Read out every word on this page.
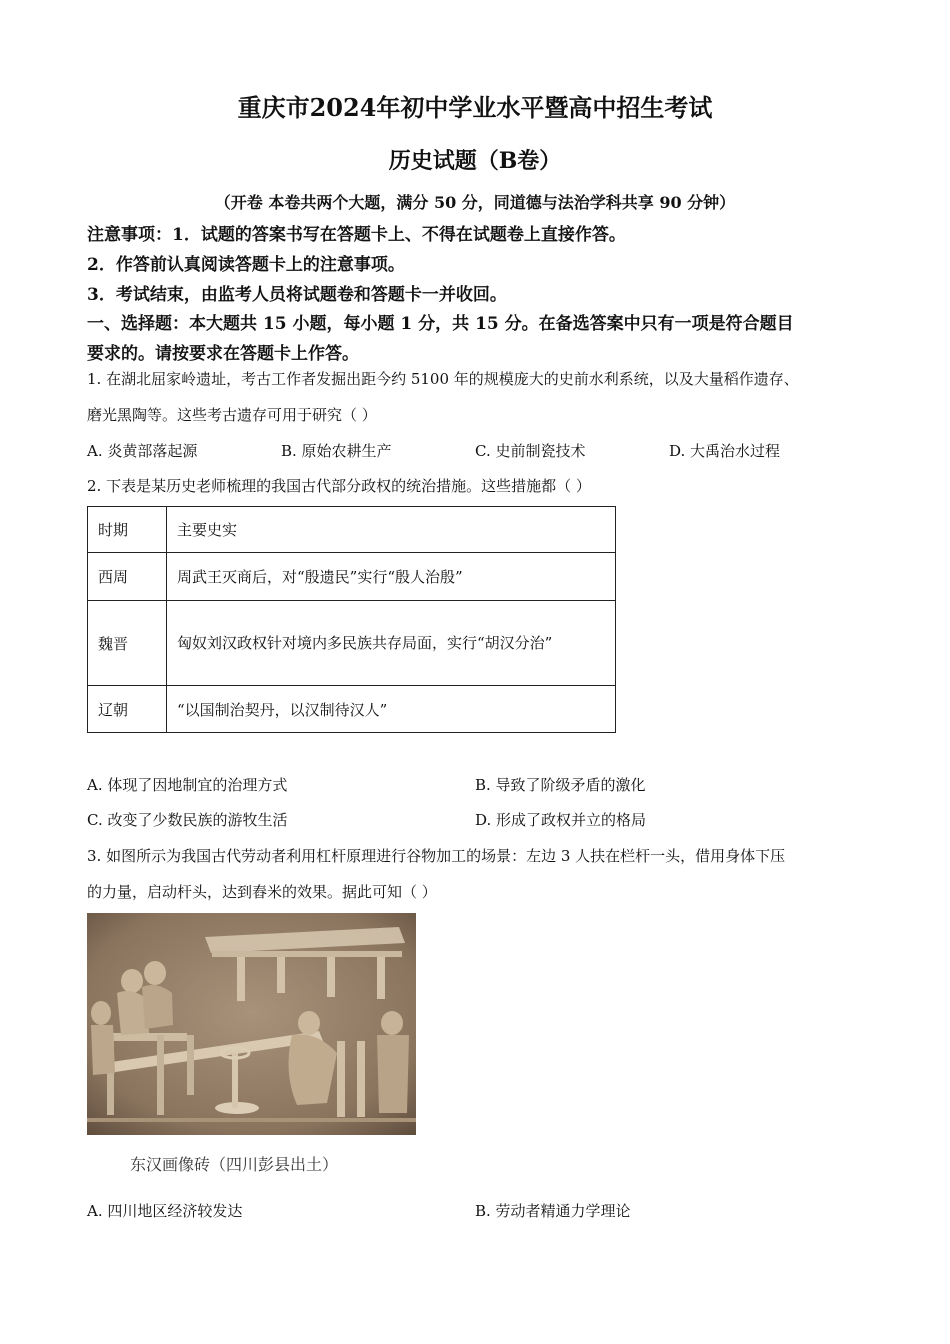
重庆市2024年初中学业水平暨高中招生考试
历史试题（B卷）
（开卷 本卷共两个大题，满分 50 分，同道德与法治学科共享 90 分钟）
注意事项：1．试题的答案书写在答题卡上、不得在试题卷上直接作答。
2．作答前认真阅读答题卡上的注意事项。
3．考试结束，由监考人员将试题卷和答题卡一并收回。
一、选择题：本大题共 15 小题，每小题 1 分，共 15 分。在备选答案中只有一项是符合题目
要求的。请按要求在答题卡上作答。
1. 在湖北屈家岭遗址，考古工作者发掘出距今约 5100 年的规模庞大的史前水利系统，以及大量稻作遗存、
磨光黑陶等。这些考古遗存可用于研究（ ）
A. 炎黄部落起源	B. 原始农耕生产	C. 史前制瓷技术	D. 大禹治水过程
2. 下表是某历史老师梳理的我国古代部分政权的统治措施。这些措施都（ ）
时期	主要史实
西周	周武王灭商后，对“殷遗民”实行“殷人治殷”
魏晋	匈奴刘汉政权针对境内多民族共存局面，实行“胡汉分治”
辽朝	“以国制治契丹，以汉制待汉人”
A. 体现了因地制宜的治理方式	B. 导致了阶级矛盾的激化
C. 改变了少数民族的游牧生活	D. 形成了政权并立的格局
3. 如图所示为我国古代劳动者利用杠杆原理进行谷物加工的场景：左边 3 人扶在栏杆一头，借用身体下压
的力量，启动杆头，达到舂米的效果。据此可知（ ）
东汉画像砖（四川彭县出土）
A. 四川地区经济较发达	B. 劳动者精通力学理论
